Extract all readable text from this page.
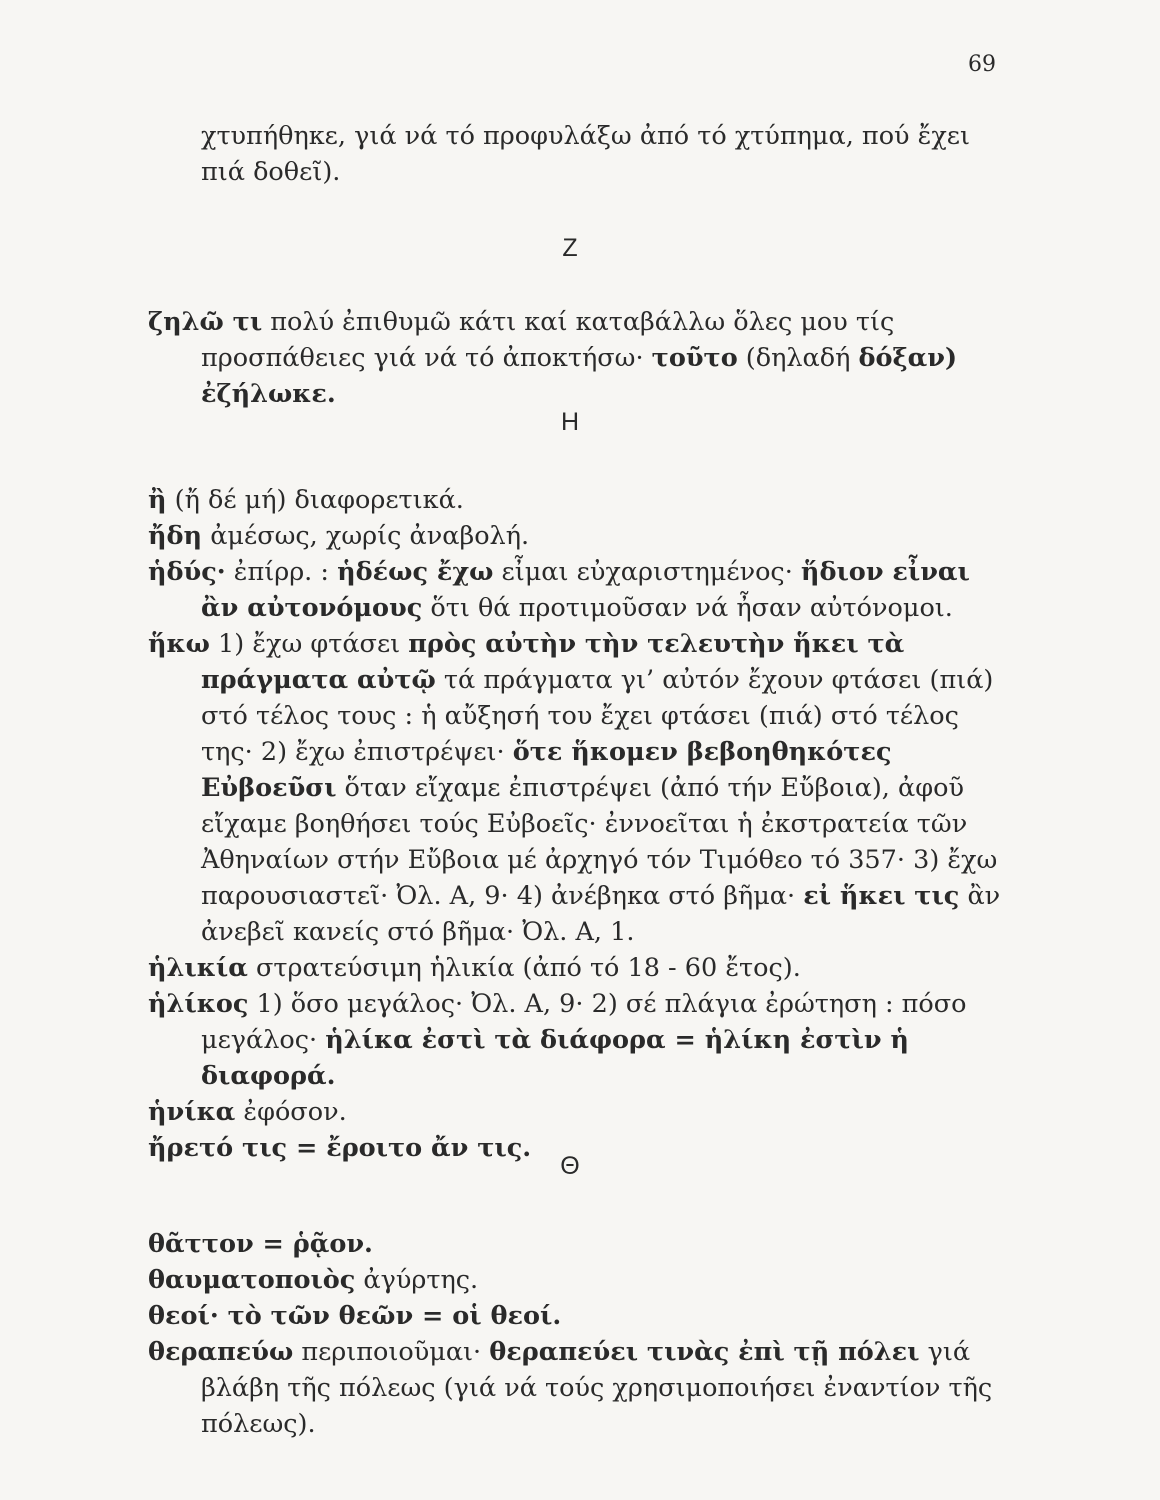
69

χτυπήθηκε, γιά νά τό προφυλάξω ἀπό τό χτύπημα, πού ἔχει πιά δοθεῖ).

Ζ

ζηλῶ τι πολύ ἐπιθυμῶ κάτι καί καταβάλλω ὅλες μου τίς προσπάθειες γιά νά τό ἀποκτήσω· τοῦτο (δηλαδή δόξαν) ἐζήλωκε.

Η

ἢ (ἤ δέ μή) διαφορετικά.

ἤδη ἀμέσως, χωρίς ἀναβολή.

ἡδύς· ἐπίρρ. : ἡδέως ἔχω εἶμαι εὐχαριστημένος· ἥδιον εἶναι ἂν αὐτονόμους ὅτι θά προτιμοῦσαν νά ἦσαν αὐτόνομοι.

ἥκω 1) ἔχω φτάσει πρὸς αὐτὴν τὴν τελευτὴν ἥκει τὰ πράγματα αὐτῷ τά πράγματα γι’ αὐτόν ἔχουν φτάσει (πιά) στό τέλος τους : ἡ αὔξησή του ἔχει φτάσει (πιά) στό τέλος της· 2) ἔχω ἐπιστρέψει· ὅτε ἥκομεν βεβοηθηκότες Εὐβοεῦσι ὅταν εἴχαμε ἐπιστρέψει (ἀπό τήν Εὔβοια), ἀφοῦ εἴχαμε βοηθήσει τούς Εὐβοεῖς· ἐννοεῖται ἡ ἐκστρατεία τῶν Ἀθηναίων στήν Εὔβοια μέ ἀρχηγό τόν Τιμόθεο τό 357· 3) ἔχω παρουσιαστεῖ· Ὀλ. Α, 9· 4) ἀνέβηκα στό βῆμα· εἰ ἥκει τις ἂν ἀνεβεῖ κανείς στό βῆμα· Ὀλ. Α, 1.

ἡλικία στρατεύσιμη ἡλικία (ἀπό τό 18 - 60 ἔτος).

ἡλίκος 1) ὅσο μεγάλος· Ὀλ. Α, 9· 2) σέ πλάγια ἐρώτηση : πόσο μεγάλος· ἡλίκα ἐστὶ τὰ διάφορα = ἡλίκη ἐστὶν ἡ διαφορά.

ἡνίκα ἐφόσον.

ἤρετό τις = ἔροιτο ἄν τις.

Θ

θᾶττον = ῥᾷον.

θαυματοποιὸς ἀγύρτης.

θεοί· τὸ τῶν θεῶν = οἱ θεοί.

θεραπεύω περιποιοῦμαι· θεραπεύει τινὰς ἐπὶ τῇ πόλει γιά βλάβη τῆς πόλεως (γιά νά τούς χρησιμοποιήσει ἐναντίον τῆς πόλεως).
